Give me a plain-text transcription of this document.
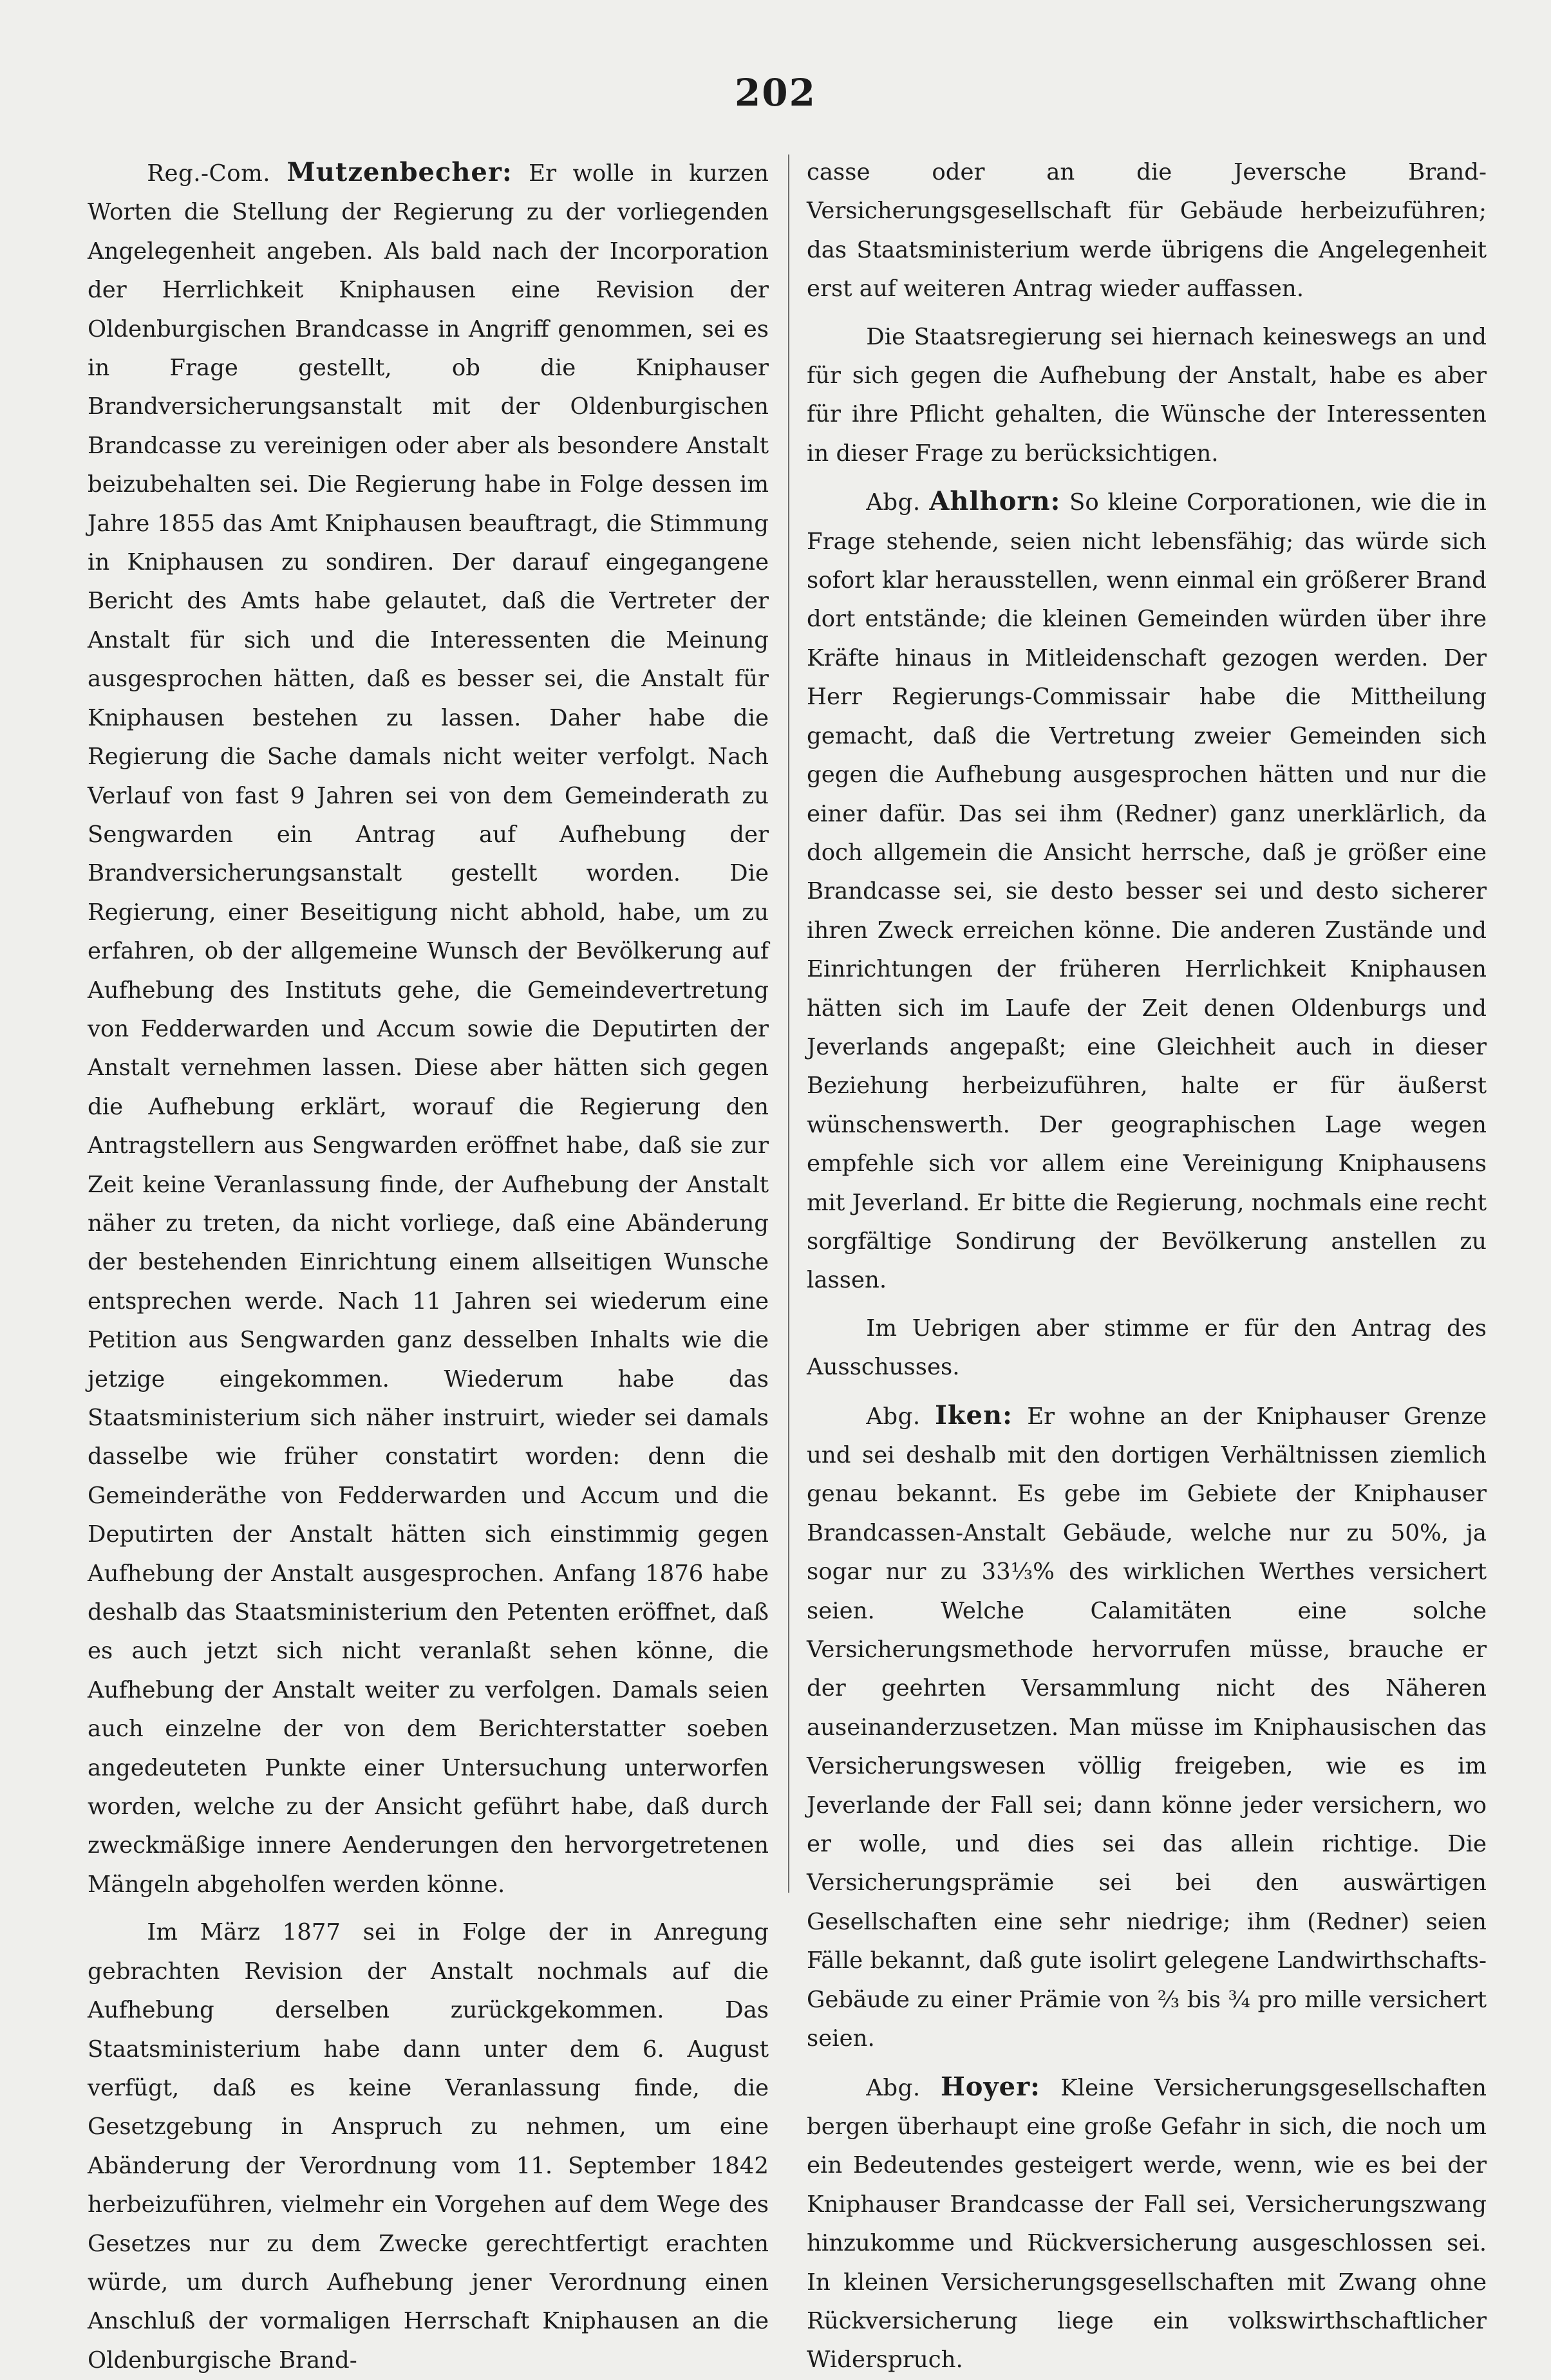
202

Reg.-Com. Mutzenbecher: Er wolle in kurzen Worten die Stellung der Regierung zu der vorliegenden Angelegenheit angeben. Als bald nach der Incorporation der Herrlichkeit Kniphausen eine Revision der Oldenburgischen Brandcasse in Angriff genommen, sei es in Frage gestellt, ob die Kniphauser Brandversicherungsanstalt mit der Oldenburgischen Brandcasse zu vereinigen oder aber als besondere Anstalt beizubehalten sei. Die Regierung habe in Folge dessen im Jahre 1855 das Amt Kniphausen beauftragt, die Stimmung in Kniphausen zu sondiren. Der darauf eingegangene Bericht des Amts habe gelautet, daß die Vertreter der Anstalt für sich und die Interessenten die Meinung ausgesprochen hätten, daß es besser sei, die Anstalt für Kniphausen bestehen zu lassen. Daher habe die Regierung die Sache damals nicht weiter verfolgt. Nach Verlauf von fast 9 Jahren sei von dem Gemeinderath zu Sengwarden ein Antrag auf Aufhebung der Brandversicherungsanstalt gestellt worden. Die Regierung, einer Beseitigung nicht abhold, habe, um zu erfahren, ob der allgemeine Wunsch der Bevölkerung auf Aufhebung des Instituts gehe, die Gemeindevertretung von Fedderwarden und Accum sowie die Deputirten der Anstalt vernehmen lassen. Diese aber hätten sich gegen die Aufhebung erklärt, worauf die Regierung den Antragstellern aus Sengwarden eröffnet habe, daß sie zur Zeit keine Veranlassung finde, der Aufhebung der Anstalt näher zu treten, da nicht vorliege, daß eine Abänderung der bestehenden Einrichtung einem allseitigen Wunsche entsprechen werde. Nach 11 Jahren sei wiederum eine Petition aus Sengwarden ganz desselben Inhalts wie die jetzige eingekommen. Wiederum habe das Staatsministerium sich näher instruirt, wieder sei damals dasselbe wie früher constatirt worden: denn die Gemeinderäthe von Fedderwarden und Accum und die Deputirten der Anstalt hätten sich einstimmig gegen Aufhebung der Anstalt ausgesprochen. Anfang 1876 habe deshalb das Staatsministerium den Petenten eröffnet, daß es auch jetzt sich nicht veranlaßt sehen könne, die Aufhebung der Anstalt weiter zu verfolgen. Damals seien auch einzelne der von dem Berichterstatter soeben angedeuteten Punkte einer Untersuchung unterworfen worden, welche zu der Ansicht geführt habe, daß durch zweckmäßige innere Aenderungen den hervorgetretenen Mängeln abgeholfen werden könne.

Im März 1877 sei in Folge der in Anregung gebrachten Revision der Anstalt nochmals auf die Aufhebung derselben zurückgekommen. Das Staatsministerium habe dann unter dem 6. August verfügt, daß es keine Veranlassung finde, die Gesetzgebung in Anspruch zu nehmen, um eine Abänderung der Verordnung vom 11. September 1842 herbeizuführen, vielmehr ein Vorgehen auf dem Wege des Gesetzes nur zu dem Zwecke gerechtfertigt erachten würde, um durch Aufhebung jener Verordnung einen Anschluß der vormaligen Herrschaft Kniphausen an die Oldenburgische Brand-

casse oder an die Jeversche Brand-Versicherungsgesellschaft für Gebäude herbeizuführen; das Staatsministerium werde übrigens die Angelegenheit erst auf weiteren Antrag wieder auffassen.

Die Staatsregierung sei hiernach keineswegs an und für sich gegen die Aufhebung der Anstalt, habe es aber für ihre Pflicht gehalten, die Wünsche der Interessenten in dieser Frage zu berücksichtigen.

Abg. Ahlhorn: So kleine Corporationen, wie die in Frage stehende, seien nicht lebensfähig; das würde sich sofort klar herausstellen, wenn einmal ein größerer Brand dort entstände; die kleinen Gemeinden würden über ihre Kräfte hinaus in Mitleidenschaft gezogen werden. Der Herr Regierungs-Commissair habe die Mittheilung gemacht, daß die Vertretung zweier Gemeinden sich gegen die Aufhebung ausgesprochen hätten und nur die einer dafür. Das sei ihm (Redner) ganz unerklärlich, da doch allgemein die Ansicht herrsche, daß je größer eine Brandcasse sei, sie desto besser sei und desto sicherer ihren Zweck erreichen könne. Die anderen Zustände und Einrichtungen der früheren Herrlichkeit Kniphausen hätten sich im Laufe der Zeit denen Oldenburgs und Jeverlands angepaßt; eine Gleichheit auch in dieser Beziehung herbeizuführen, halte er für äußerst wünschenswerth. Der geographischen Lage wegen empfehle sich vor allem eine Vereinigung Kniphausens mit Jeverland. Er bitte die Regierung, nochmals eine recht sorgfältige Sondirung der Bevölkerung anstellen zu lassen.

Im Uebrigen aber stimme er für den Antrag des Ausschusses.

Abg. Iken: Er wohne an der Kniphauser Grenze und sei deshalb mit den dortigen Verhältnissen ziemlich genau bekannt. Es gebe im Gebiete der Kniphauser Brandcassen-Anstalt Gebäude, welche nur zu 50%, ja sogar nur zu 33⅓% des wirklichen Werthes versichert seien. Welche Calamitäten eine solche Versicherungsmethode hervorrufen müsse, brauche er der geehrten Versammlung nicht des Näheren auseinanderzusetzen. Man müsse im Kniphausischen das Versicherungswesen völlig freigeben, wie es im Jeverlande der Fall sei; dann könne jeder versichern, wo er wolle, und dies sei das allein richtige. Die Versicherungsprämie sei bei den auswärtigen Gesellschaften eine sehr niedrige; ihm (Redner) seien Fälle bekannt, daß gute isolirt gelegene Landwirthschafts-Gebäude zu einer Prämie von ⅔ bis ¾ pro mille versichert seien.

Abg. Hoyer: Kleine Versicherungsgesellschaften bergen überhaupt eine große Gefahr in sich, die noch um ein Bedeutendes gesteigert werde, wenn, wie es bei der Kniphauser Brandcasse der Fall sei, Versicherungszwang hinzukomme und Rückversicherung ausgeschlossen sei. In kleinen Versicherungsgesellschaften mit Zwang ohne Rückversicherung liege ein volkswirthschaftlicher Widerspruch.
